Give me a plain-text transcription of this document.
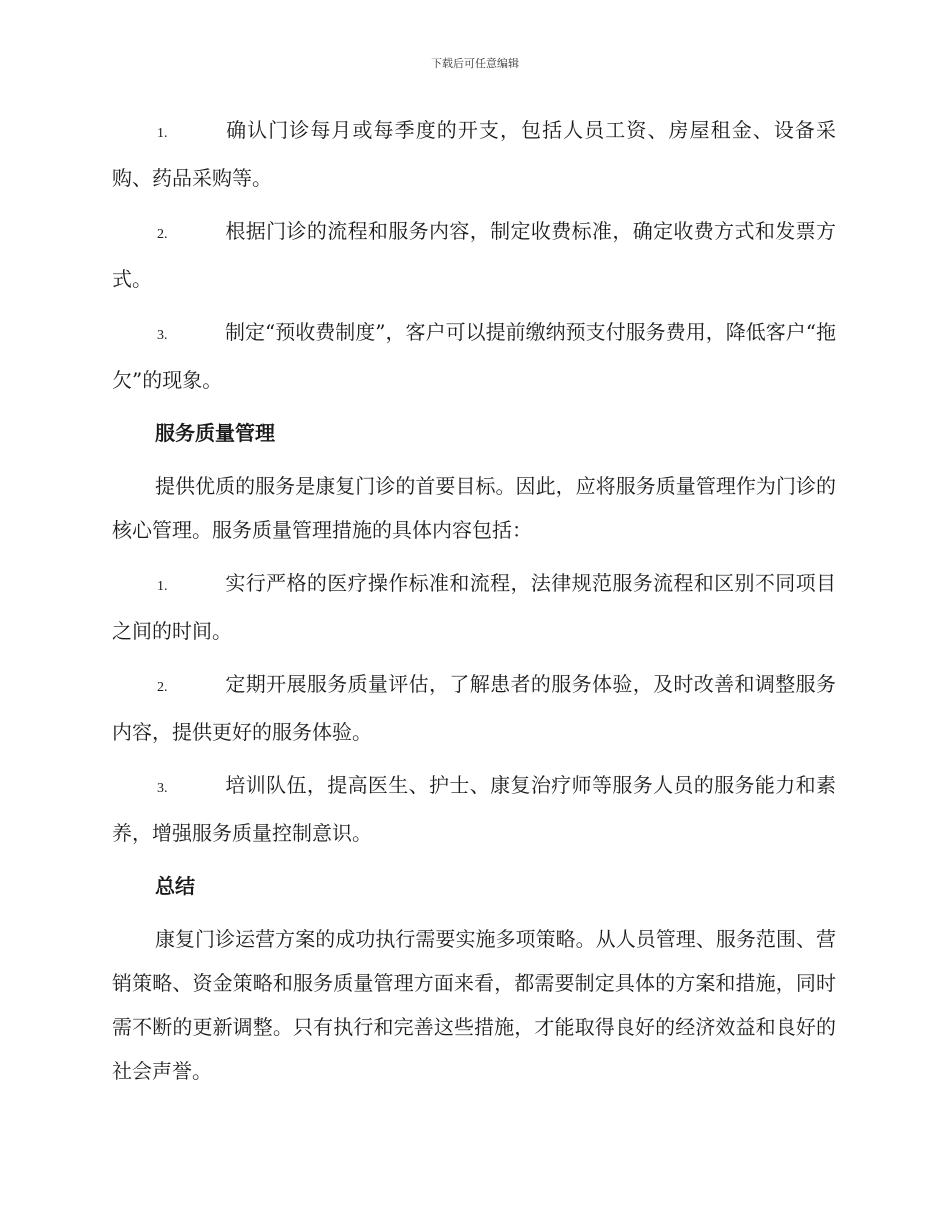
下载后可任意编辑

1.	确认门诊每月或每季度的开支，包括人员工资、房屋租金、设备采购、药品采购等。

2.	根据门诊的流程和服务内容，制定收费标准，确定收费方式和发票方式。

3.	制定“预收费制度”，客户可以提前缴纳预支付服务费用，降低客户“拖欠”的现象。

服务质量管理

提供优质的服务是康复门诊的首要目标。因此，应将服务质量管理作为门诊的核心管理。服务质量管理措施的具体内容包括：

1.	实行严格的医疗操作标准和流程，法律规范服务流程和区别不同项目之间的时间。

2.	定期开展服务质量评估，了解患者的服务体验，及时改善和调整服务内容，提供更好的服务体验。

3.	培训队伍，提高医生、护士、康复治疗师等服务人员的服务能力和素养，增强服务质量控制意识。

总结

康复门诊运营方案的成功执行需要实施多项策略。从人员管理、服务范围、营销策略、资金策略和服务质量管理方面来看，都需要制定具体的方案和措施，同时需不断的更新调整。只有执行和完善这些措施，才能取得良好的经济效益和良好的社会声誉。
